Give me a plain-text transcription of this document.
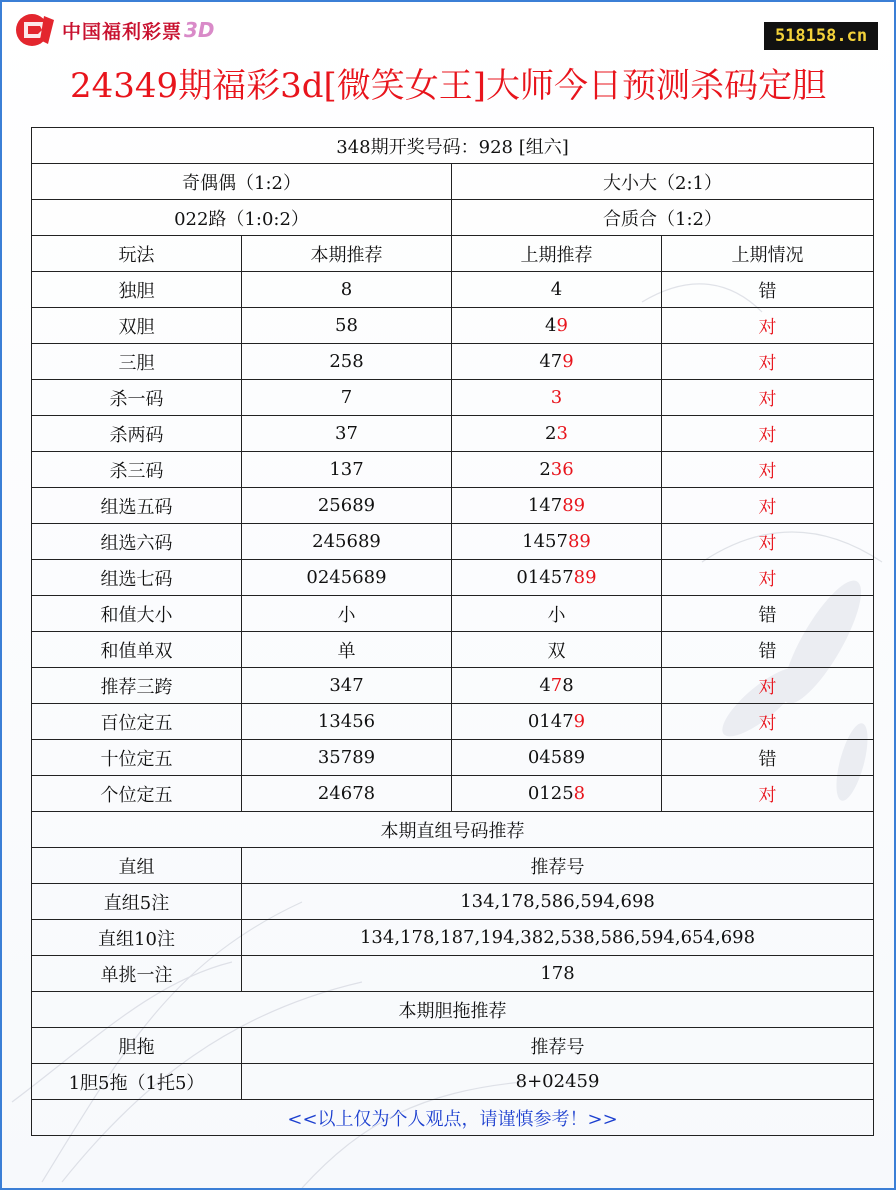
中国福利彩票 3D	518158.cn
24349期福彩3d[微笑女王]大师今日预测杀码定胆
348期开奖号码：928 [组六]			
奇偶偶（1:2）		大小大（2:1）	
022路（1:0:2）		合质合（1:2）	
玩法	本期推荐	上期推荐	上期情况
独胆	8	4	错
双胆	58	49	对
三胆	258	479	对
杀一码	7	3	对
杀两码	37	23	对
杀三码	137	236	对
组选五码	25689	14789	对
组选六码	245689	145789	对
组选七码	0245689	0145789	对
和值大小	小	小	错
和值单双	单	双	错
推荐三跨	347	478	对
百位定五	13456	01479	对
十位定五	35789	04589	错
个位定五	24678	01258	对
本期直组号码推荐			
直组	推荐号		
直组5注	134,178,586,594,698		
直组10注	134,178,187,194,382,538,586,594,654,698		
单挑一注	178		
本期胆拖推荐			
胆拖	推荐号		
1胆5拖（1托5）	8+02459		
<<以上仅为个人观点，请谨慎参考！>>			
